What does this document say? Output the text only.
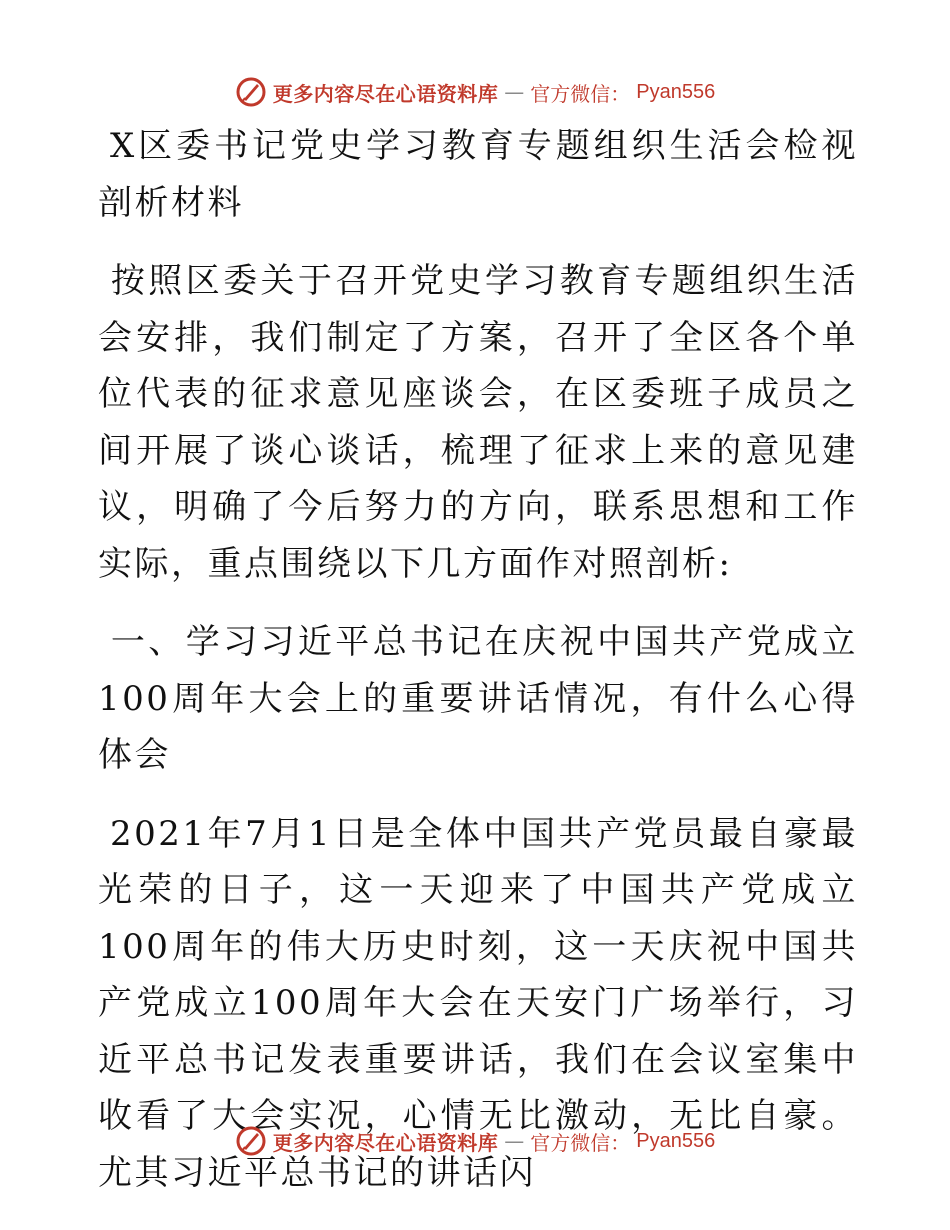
更多内容尽在心语资料库 — 官方微信： Pyan556

X区委书记党史学习教育专题组织生活会检视剖析材料

按照区委关于召开党史学习教育专题组织生活会安排，我们制定了方案，召开了全区各个单位代表的征求意见座谈会，在区委班子成员之间开展了谈心谈话，梳理了征求上来的意见建议，明确了今后努力的方向，联系思想和工作实际，重点围绕以下几方面作对照剖析:

一、学习习近平总书记在庆祝中国共产党成立100周年大会上的重要讲话情况，有什么心得体会

2021年7月1日是全体中国共产党员最自豪最光荣的日子，这一天迎来了中国共产党成立100周年的伟大历史时刻，这一天庆祝中国共产党成立100周年大会在天安门广场举行，习近平总书记发表重要讲话，我们在会议室集中收看了大会实况，心情无比激动，无比自豪。尤其习近平总书记的讲话闪

更多内容尽在心语资料库 — 官方微信： Pyan556
